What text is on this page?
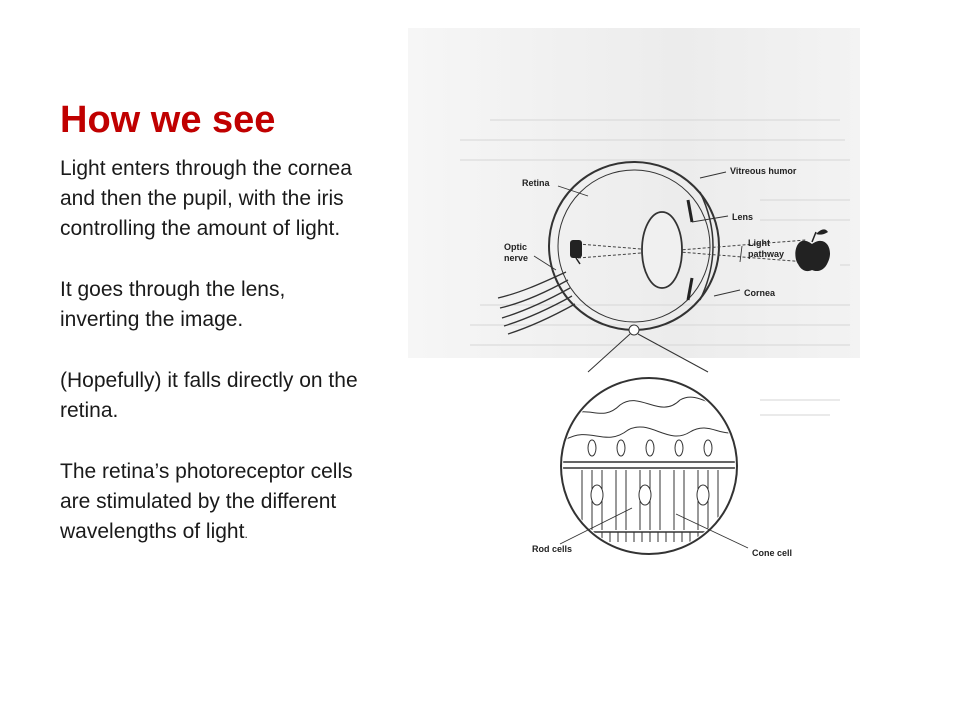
How we see

Light enters through the cornea and then the pupil, with the iris controlling the amount of light.

It goes through the lens, inverting the image.

(Hopefully) it falls directly on the retina.

The retina’s photoreceptor cells are stimulated by the different wavelengths of light.

Retina
Vitreous humor
Lens
Optic
nerve
Light
pathway
Cornea
Rod cells	Cone cell
